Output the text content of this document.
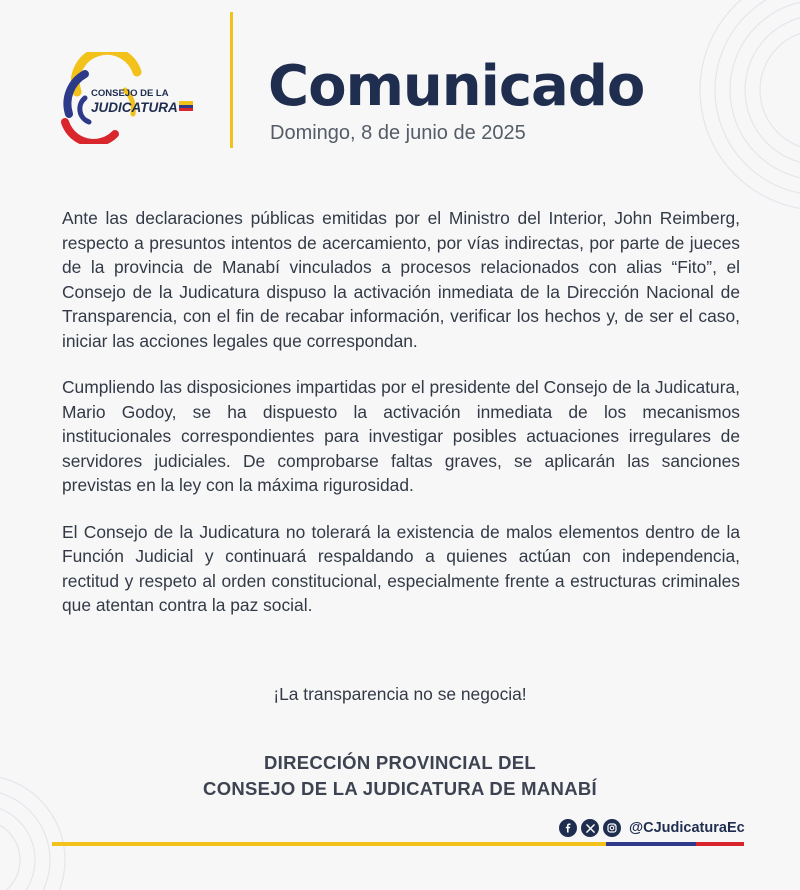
CONSEJO DE LA
JUDICATURA Comunicado
Domingo, 8 de junio de 2025

Ante las declaraciones públicas emitidas por el Ministro del Interior, John Reimberg, respecto a presuntos intentos de acercamiento, por vías indirectas, por parte de jueces de la provincia de Manabí vinculados a procesos relacionados con alias “Fito”, el Consejo de la Judicatura dispuso la activación inmediata de la Dirección Nacional de Transparencia, con el fin de recabar información, verificar los hechos y, de ser el caso, iniciar las acciones legales que correspondan.

Cumpliendo las disposiciones impartidas por el presidente del Consejo de la Judicatura, Mario Godoy, se ha dispuesto la activación inmediata de los mecanismos institucionales correspondientes para investigar posibles actuaciones irregulares de servidores judiciales. De comprobarse faltas graves, se aplicarán las sanciones previstas en la ley con la máxima rigurosidad.

El Consejo de la Judicatura no tolerará la existencia de malos elementos dentro de la Función Judicial y continuará respaldando a quienes actúan con independencia, rectitud y respeto al orden constitucional, especialmente frente a estructuras criminales que atentan contra la paz social.

¡La transparencia no se negocia!
DIRECCIÓN PROVINCIAL DEL
CONSEJO DE LA JUDICATURA DE MANABÍ
@CJudicaturaEc
